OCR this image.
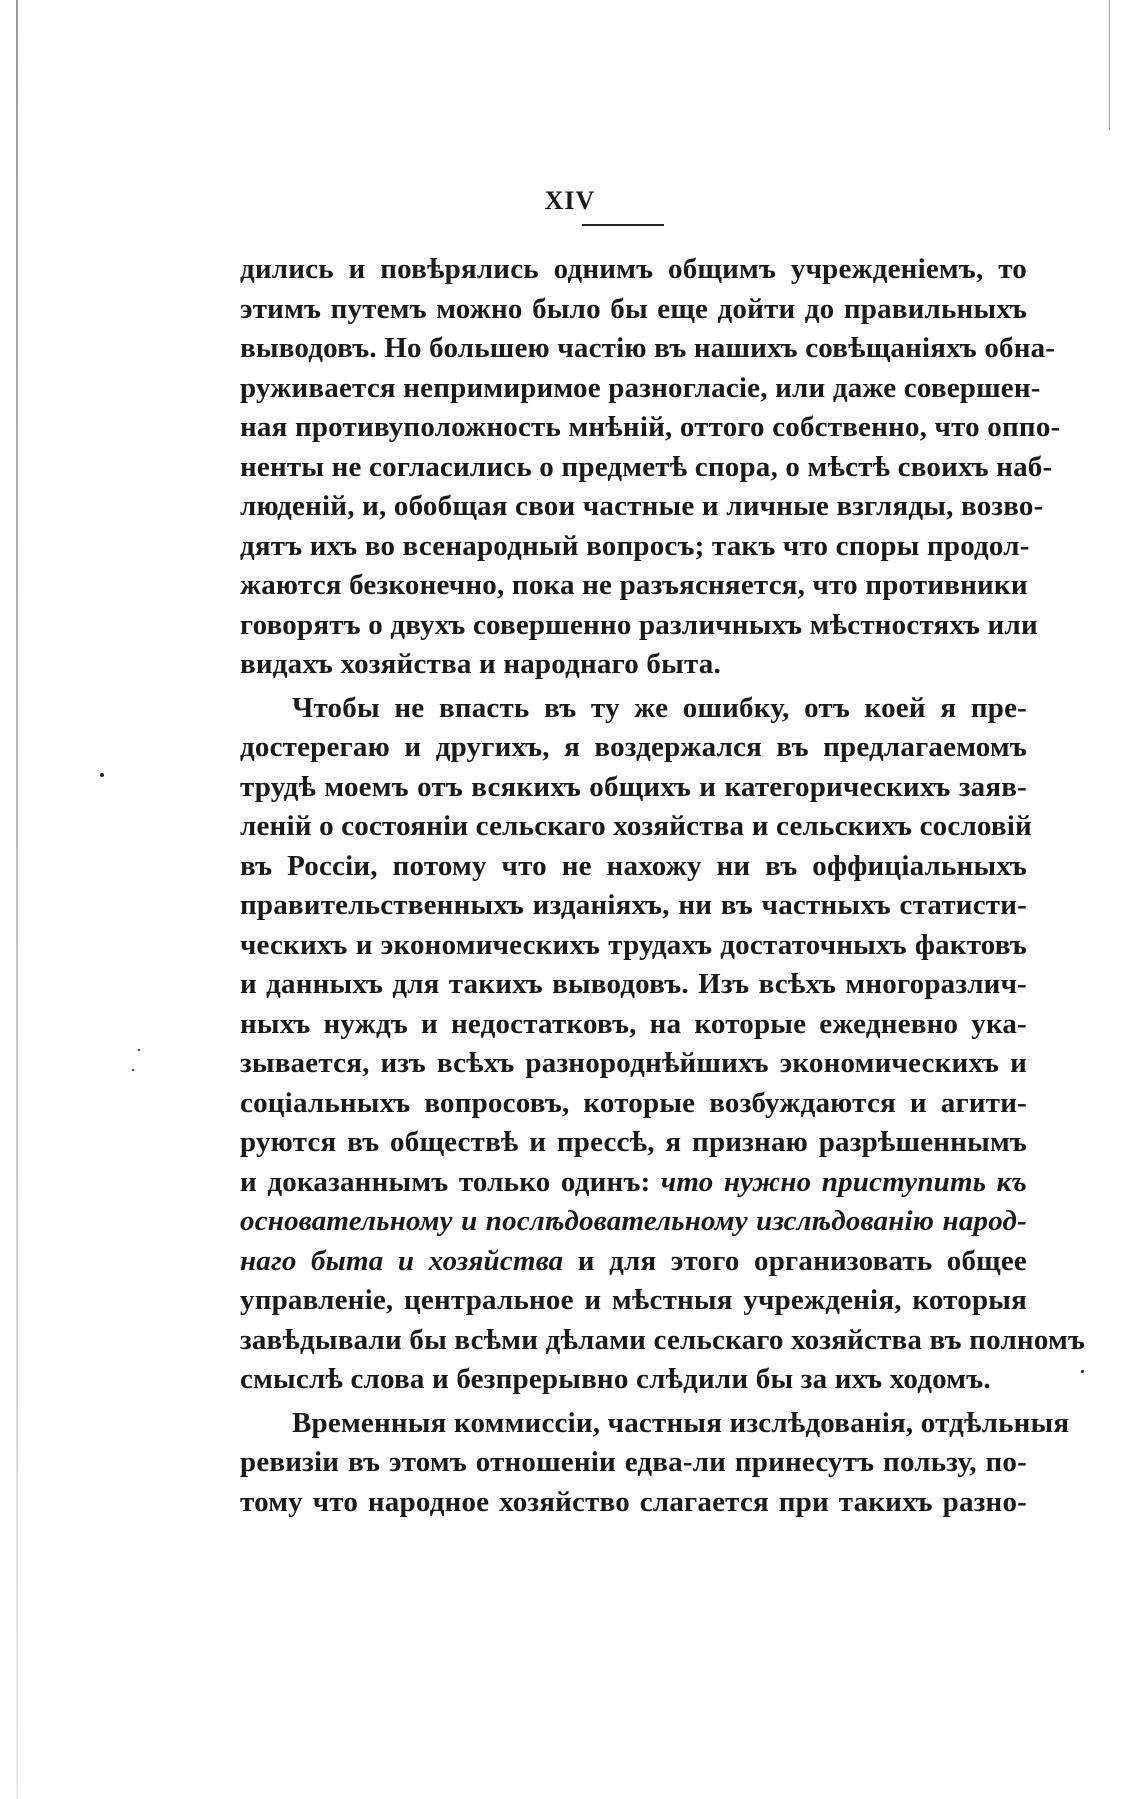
XIV
дились и повѣрялись однимъ общимъ учрежденіемъ, то
этимъ путемъ можно было бы еще дойти до правильныхъ
выводовъ. Но большею частію въ нашихъ совѣщаніяхъ обна-
руживается непримиримое разногласіе, или даже совершен-
ная противуположность мнѣній, оттого собственно, что оппо-
ненты не согласились о предметѣ спора, о мѣстѣ своихъ наб-
людeній, и, обобщая свои частные и личные взгляды, возво-
дятъ ихъ во всенародный вопросъ; такъ что споры продол-
жаются безконечно, пока не разъясняется, что противники
говорятъ о двухъ совершенно различныхъ мѣстностяхъ или
видахъ хозяйства и народнаго быта.
Чтобы не впасть въ ту же ошибку, отъ коей я пре-
достерегаю и другихъ, я воздержался въ предлагаемомъ
трудѣ моемъ отъ всякихъ общихъ и категорическихъ заяв-
леній о состояніи сельскаго хозяйства и сельскихъ сословій
въ Россіи, потому что не нахожу ни въ оффиціальныхъ
правительственныхъ изданіяхъ, ни въ частныхъ статисти-
ческихъ и экономическихъ трудахъ достаточныхъ фактовъ
и данныхъ для такихъ выводовъ. Изъ всѣхъ многоразлич-
ныхъ нуждъ и недостатковъ, на которые ежедневно ука-
зывается, изъ всѣхъ разнороднѣйшихъ экономическихъ и
соціальныхъ вопросовъ, которые возбуждаются и агити-
руются въ обществѣ и прессѣ, я признаю разрѣшеннымъ
и доказаннымъ только одинъ: что нужно приступить къ
основательному и послѣдовательному изслѣдованію народ-
наго быта и хозяйства и для этого организовать общее
управленіе, центральное и мѣстныя учрежденія, которыя
завѣдывали бы всѣми дѣлами сельскаго хозяйства въ полномъ
смыслѣ слова и безпрерывно слѣдили бы за ихъ ходомъ.
Временныя коммиссіи, частныя изслѣдованія, отдѣльныя
ревизіи въ этомъ отношеніи едва-ли принесутъ пользу, по-
тому что народное хозяйство слагается при такихъ разно-
